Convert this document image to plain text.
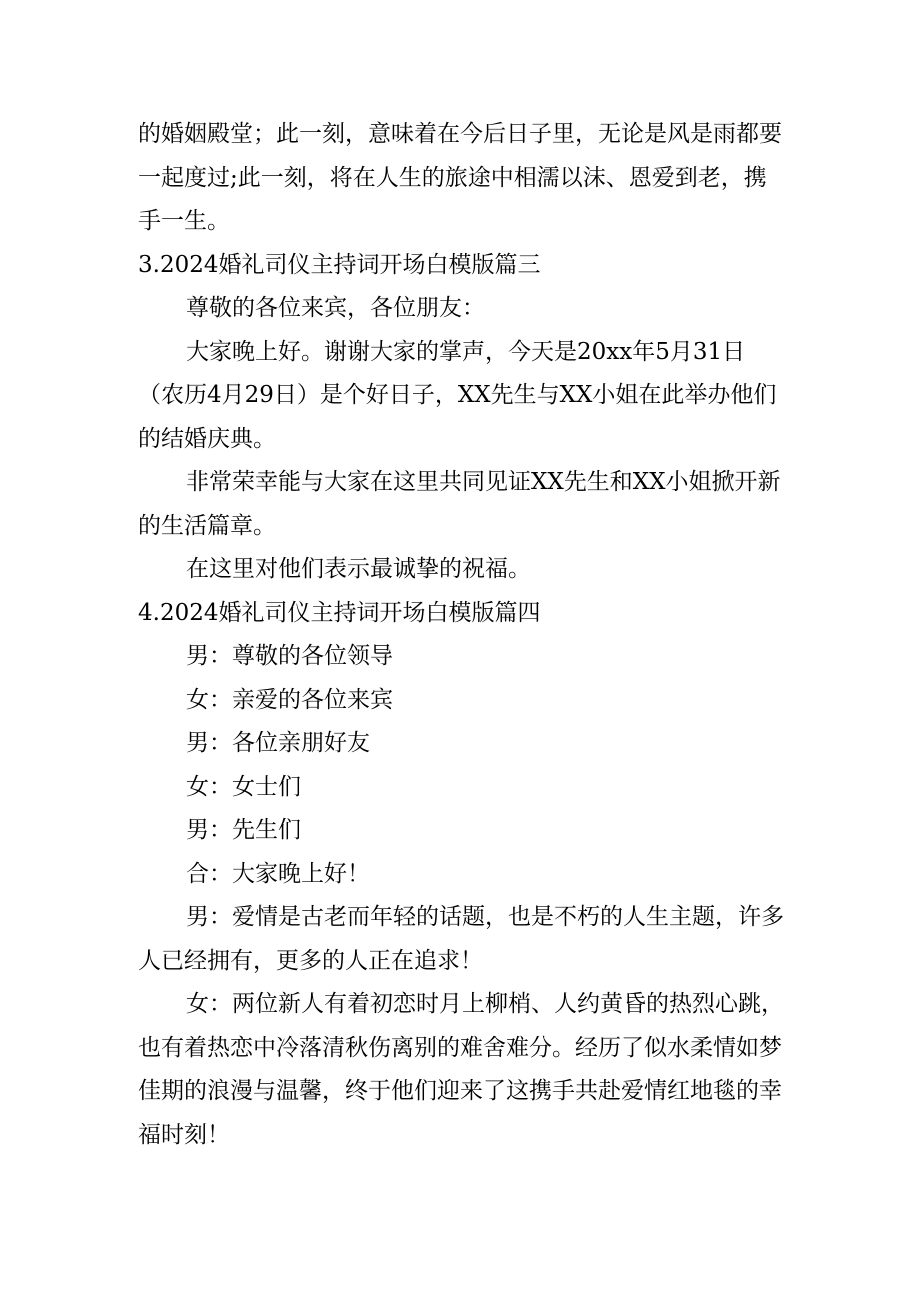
的婚姻殿堂；此一刻，意味着在今后日子里，无论是风是雨都要一起度过;此一刻，将在人生的旅途中相濡以沫、恩爱到老，携手一生。

3.2024婚礼司仪主持词开场白模版篇三

尊敬的各位来宾，各位朋友：

大家晚上好。谢谢大家的掌声，今天是20xx年5月31日（农历4月29日）是个好日子，XX先生与XX小姐在此举办他们的结婚庆典。

非常荣幸能与大家在这里共同见证XX先生和XX小姐掀开新的生活篇章。

在这里对他们表示最诚挚的祝福。

4.2024婚礼司仪主持词开场白模版篇四

男：尊敬的各位领导

女：亲爱的各位来宾

男：各位亲朋好友

女：女士们

男：先生们

合：大家晚上好！

男：爱情是古老而年轻的话题，也是不朽的人生主题，许多人已经拥有，更多的人正在追求！

女：两位新人有着初恋时月上柳梢、人约黄昏的热烈心跳，也有着热恋中冷落清秋伤离别的难舍难分。经历了似水柔情如梦佳期的浪漫与温馨，终于他们迎来了这携手共赴爱情红地毯的幸福时刻！
